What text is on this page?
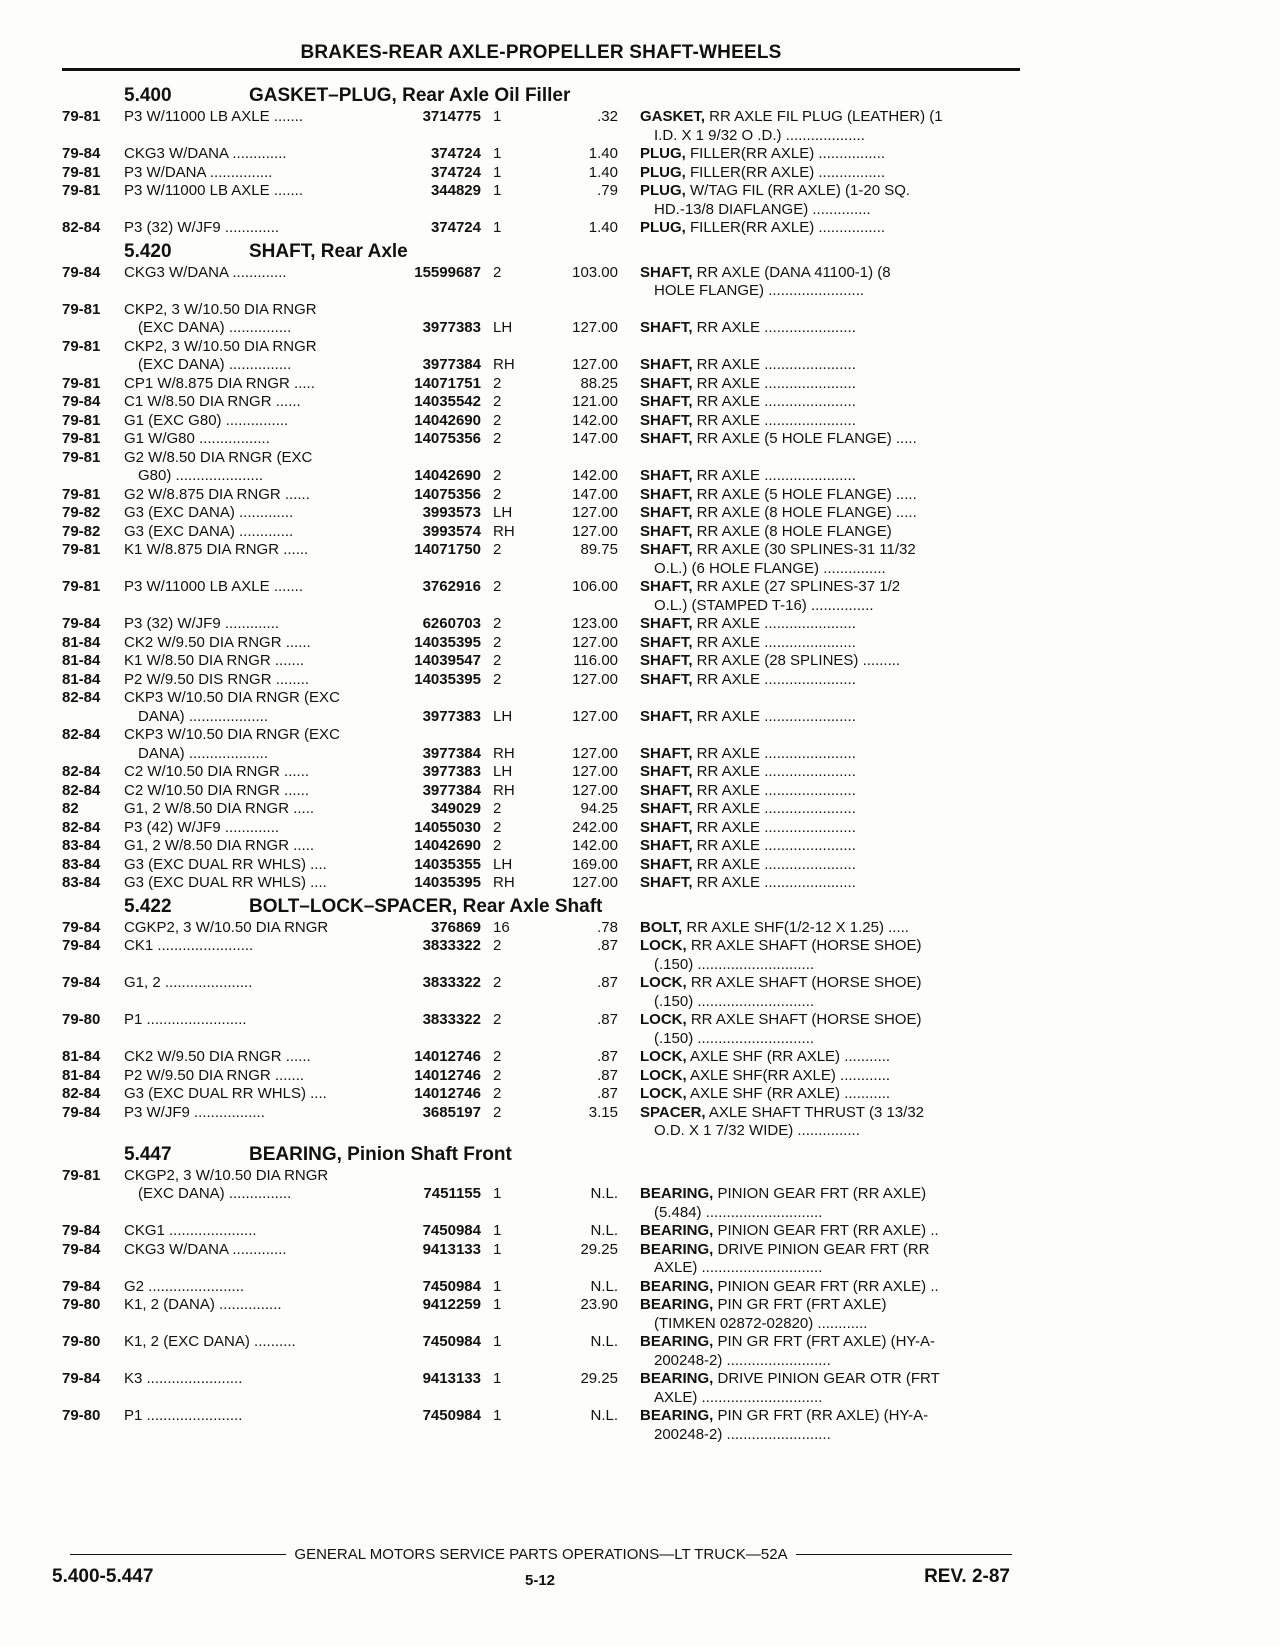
BRAKES-REAR AXLE-PROPELLER SHAFT-WHEELS
5.400	GASKET–PLUG, Rear Axle Oil Filler
79-81	P3 W/11000 LB AXLE .......	3714775 1	.32 GASKET, RR AXLE FIL PLUG (LEATHER) (1
I.D. X 1 9/32 O .D.) ...................
79-84	CKG3 W/DANA .............	374724 1	1.40 PLUG, FILLER(RR AXLE) ................
79-81	P3 W/DANA ...............	374724 1	1.40 PLUG, FILLER(RR AXLE) ................
79-81	P3 W/11000 LB AXLE .......	344829 1	.79 PLUG, W/TAG FIL (RR AXLE) (1-20 SQ.
HD.-13/8 DIAFLANGE) ..............
82-84	P3 (32) W/JF9 .............	374724 1	1.40 PLUG, FILLER(RR AXLE) ................
5.420	SHAFT, Rear Axle
79-84	CKG3 W/DANA .............	15599687 2	103.00 SHAFT, RR AXLE (DANA 41100-1) (8
HOLE FLANGE) .......................
79-81	CKP2, 3 W/10.50 DIA RNGR
(EXC DANA) ...............	3977383 LH	127.00 SHAFT, RR AXLE ......................
79-81	CKP2, 3 W/10.50 DIA RNGR
(EXC DANA) ...............	3977384 RH	127.00 SHAFT, RR AXLE ......................
79-81	CP1 W/8.875 DIA RNGR .....	14071751 2	88.25 SHAFT, RR AXLE ......................
79-84	C1 W/8.50 DIA RNGR ......	14035542 2	121.00 SHAFT, RR AXLE ......................
79-81	G1 (EXC G80) ...............	14042690 2	142.00 SHAFT, RR AXLE ......................
79-81	G1 W/G80 .................	14075356 2	147.00 SHAFT, RR AXLE (5 HOLE FLANGE) .....
79-81	G2 W/8.50 DIA RNGR (EXC
G80) .....................	14042690 2	142.00 SHAFT, RR AXLE ......................
79-81	G2 W/8.875 DIA RNGR ......	14075356 2	147.00 SHAFT, RR AXLE (5 HOLE FLANGE) .....
79-82	G3 (EXC DANA) .............	3993573 LH	127.00 SHAFT, RR AXLE (8 HOLE FLANGE) .....
79-82	G3 (EXC DANA) .............	3993574 RH	127.00 SHAFT, RR AXLE (8 HOLE FLANGE)
79-81	K1 W/8.875 DIA RNGR ......	14071750 2	89.75 SHAFT, RR AXLE (30 SPLINES-31 11/32
O.L.) (6 HOLE FLANGE) ...............
79-81	P3 W/11000 LB AXLE .......	3762916 2	106.00 SHAFT, RR AXLE (27 SPLINES-37 1/2
O.L.) (STAMPED T-16) ...............
79-84	P3 (32) W/JF9 .............	6260703 2	123.00 SHAFT, RR AXLE ......................
81-84	CK2 W/9.50 DIA RNGR ......	14035395 2	127.00 SHAFT, RR AXLE ......................
81-84	K1 W/8.50 DIA RNGR .......	14039547 2	116.00 SHAFT, RR AXLE (28 SPLINES) .........
81-84	P2 W/9.50 DIS RNGR ........	14035395 2	127.00 SHAFT, RR AXLE ......................
82-84	CKP3 W/10.50 DIA RNGR (EXC
DANA) ...................	3977383 LH	127.00 SHAFT, RR AXLE ......................
82-84	CKP3 W/10.50 DIA RNGR (EXC
DANA) ...................	3977384 RH	127.00 SHAFT, RR AXLE ......................
82-84	C2 W/10.50 DIA RNGR ......	3977383 LH	127.00 SHAFT, RR AXLE ......................
82-84	C2 W/10.50 DIA RNGR ......	3977384 RH	127.00 SHAFT, RR AXLE ......................
82	G1, 2 W/8.50 DIA RNGR .....	349029 2	94.25 SHAFT, RR AXLE ......................
82-84	P3 (42) W/JF9 .............	14055030 2	242.00 SHAFT, RR AXLE ......................
83-84	G1, 2 W/8.50 DIA RNGR .....	14042690 2	142.00 SHAFT, RR AXLE ......................
83-84	G3 (EXC DUAL RR WHLS) ....	14035355 LH	169.00 SHAFT, RR AXLE ......................
83-84	G3 (EXC DUAL RR WHLS) ....	14035395 RH	127.00 SHAFT, RR AXLE ......................
5.422	BOLT–LOCK–SPACER, Rear Axle Shaft
79-84	CGKP2, 3 W/10.50 DIA RNGR	376869 16	.78 BOLT, RR AXLE SHF(1/2-12 X 1.25) .....
79-84	CK1 .......................	3833322 2	.87 LOCK, RR AXLE SHAFT (HORSE SHOE)
(.150) ............................
79-84	G1, 2 .....................	3833322 2	.87 LOCK, RR AXLE SHAFT (HORSE SHOE)
(.150) ............................
79-80	P1 ........................	3833322 2	.87 LOCK, RR AXLE SHAFT (HORSE SHOE)
(.150) ............................
81-84	CK2 W/9.50 DIA RNGR ......	14012746 2	.87 LOCK, AXLE SHF (RR AXLE) ...........
81-84	P2 W/9.50 DIA RNGR .......	14012746 2	.87 LOCK, AXLE SHF(RR AXLE) ............
82-84	G3 (EXC DUAL RR WHLS) ....	14012746 2	.87 LOCK, AXLE SHF (RR AXLE) ...........
79-84	P3 W/JF9 .................	3685197 2	3.15 SPACER, AXLE SHAFT THRUST (3 13/32
O.D. X 1 7/32 WIDE) ...............
5.447	BEARING, Pinion Shaft Front
79-81	CKGP2, 3 W/10.50 DIA RNGR
(EXC DANA) ...............	7451155 1	N.L. BEARING, PINION GEAR FRT (RR AXLE)
(5.484) ............................
79-84	CKG1 .....................	7450984 1	N.L. BEARING, PINION GEAR FRT (RR AXLE) ..
79-84	CKG3 W/DANA .............	9413133 1	29.25 BEARING, DRIVE PINION GEAR FRT (RR
AXLE) .............................
79-84	G2 .......................	7450984 1	N.L. BEARING, PINION GEAR FRT (RR AXLE) ..
79-80	K1, 2 (DANA) ...............	9412259 1	23.90 BEARING, PIN GR FRT (FRT AXLE)
(TIMKEN 02872-02820) ............
79-80	K1, 2 (EXC DANA) ..........	7450984 1	N.L. BEARING, PIN GR FRT (FRT AXLE) (HY-A-
200248-2) .........................
79-84	K3 .......................	9413133 1	29.25 BEARING, DRIVE PINION GEAR OTR (FRT
AXLE) .............................
79-80	P1 .......................	7450984 1	N.L. BEARING, PIN GR FRT (RR AXLE) (HY-A-
200248-2) .........................
GENERAL MOTORS SERVICE PARTS OPERATIONS—LT TRUCK—52A
5.400-5.447	5-12	REV. 2-87
